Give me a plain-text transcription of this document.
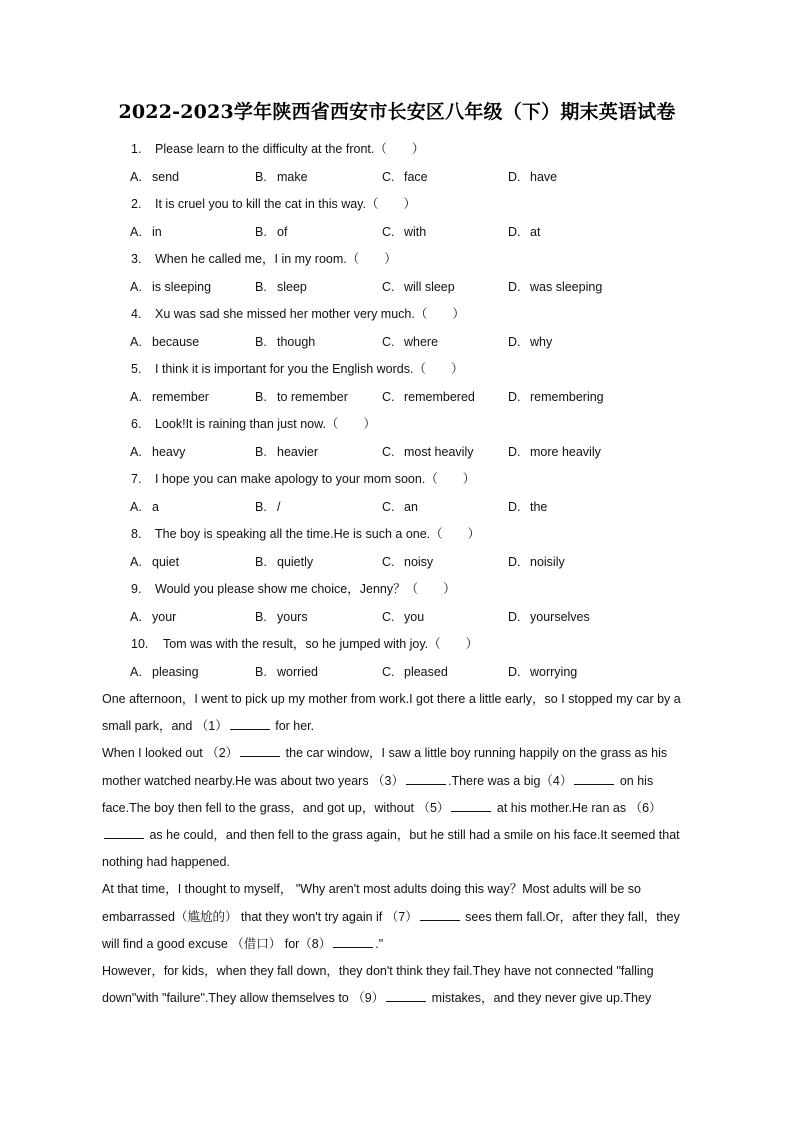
2022-2023学年陕西省西安市长安区八年级（下）期末英语试卷
1. Please learn to the difficulty at the front.（　　）
A. send	B. make	C. face	D. have
2. It is cruel you to kill the cat in this way.（　　）
A. in	B. of	C. with	D. at
3. When he called me，I in my room.（　　）
A. is sleeping	B. sleep	C. will sleep	D. was sleeping
4. Xu was sad she missed her mother very much.（　　）
A. because	B. though	C. where	D. why
5. I think it is important for you the English words.（　　）
A. remember	B. to remember	C. remembered	D. remembering
6. Look!It is raining than just now.（　　）
A. heavy	B. heavier	C. most heavily	D. more heavily
7. I hope you can make apology to your mom soon.（　　）
A. a	B. /	C. an	D. the
8. The boy is speaking all the time.He is such a one.（　　）
A. quiet	B. quietly	C. noisy	D. noisily
9. Would you please show me choice，Jenny？（　　）
A. your	B. yours	C. you	D. yourselves
10. Tom was with the result，so he jumped with joy.（　　）
A. pleasing	B. worried	C. pleased	D. worrying

One afternoon，I went to pick up my mother from work.I got there a little early，so I stopped my car by a small park，and （1）	for her.

When I looked out （2）	the car window，I saw a little boy running happily on the grass as his mother watched nearby.He was about two years （3）	.There was a big（4）	on his face.The boy then fell to the grass，and got up，without （5）	at his mother.He ran as （6） as he could，and then fell to the grass again，but he still had a smile on his face.It seemed that nothing had happened.

At that time，I thought to myself， "Why aren't most adults doing this way？Most adults will be so embarrassed（尴尬的） that they won't try again if （7）	sees them fall.Or，after they fall，they will find a good excuse （借口） for（8）	."

However，for kids，when they fall down，they don't think they fail.They have not connected "falling down"with "failure".They allow themselves to （9）	mistakes，and they never give up.They
